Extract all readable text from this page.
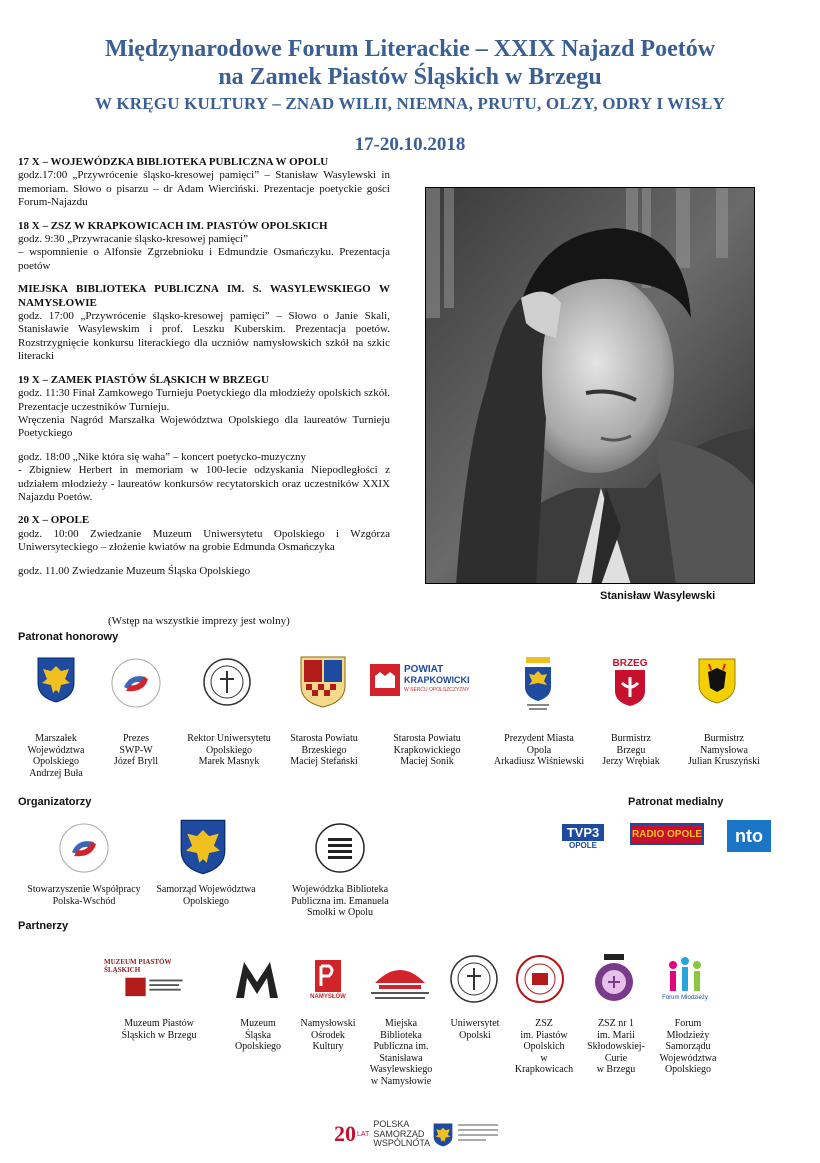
Międzynarodowe Forum Literackie – XXIX Najazd Poetów
na Zamek Piastów Śląskich w Brzegu
W KRĘGU KULTURY – ZNAD WILII, NIEMNA, PRUTU, OLZY, ODRY I WISŁY
17-20.10.2018
17 X – WOJEWÓDZKA BIBLIOTEKA PUBLICZNA W OPOLU
godz.17:00 „Przywrócenie śląsko-kresowej pamięci” – Stanisław Wasylewski in memoriam. Słowo o pisarzu – dr Adam Wierciński. Prezentacje poetyckie gości Forum-Najazdu
18 X – ZSZ W KRAPKOWICACH IM. PIASTÓW OPOLSKICH
godz. 9:30 „Przywracanie śląsko-kresowej pamięci”
– wspomnienie o Alfonsie Zgrzebnioku i Edmundzie Osmańczyku. Prezentacja poetów
MIEJSKA BIBLIOTEKA PUBLICZNA IM. S. WASYLEWSKIEGO W NAMYSŁOWIE
godz. 17:00 „Przywrócenie śląsko-kresowej pamięci” – Słowo o Janie Skali, Stanisławie Wasylewskim i prof. Leszku Kuberskim. Prezentacja poetów. Rozstrzygnięcie konkursu literackiego dla uczniów namysłowskich szkół na szkic literacki
19 X – ZAMEK PIASTÓW ŚLĄSKICH W BRZEGU
godz. 11:30 Finał Zamkowego Turnieju Poetyckiego dla młodzieży opolskich szkół. Prezentacje uczestników Turnieju.
Wręczenia Nagród Marszałka Województwa Opolskiego dla laureatów Turnieju Poetyckiego
godz. 18:00 „Nike która się waha” – koncert poetycko-muzyczny
- Zbigniew Herbert in memoriam w 100-lecie odzyskania Niepodległości z udziałem młodzieży - laureatów konkursów recytatorskich oraz uczestników XXIX Najazdu Poetów.
20 X – OPOLE
godz. 10:00 Zwiedzanie Muzeum Uniwersytetu Opolskiego i Wzgórza Uniwersyteckiego – złożenie kwiatów na grobie Edmunda Osmańczyka
godz. 11.00 Zwiedzanie Muzeum Śląska Opolskiego
Stanisław Wasylewski
(Wstęp na wszystkie imprezy jest wolny)
Patronat honorowy
POWIAT
KRAPKOWICKI
W SERCU OPOLSZCZYZNY
BRZEG
Marszałek
Województwa
Opolskiego
Andrzej Buła
Prezes
SWP-W
Józef Bryll
Rektor Uniwersytetu
Opolskiego
Marek Masnyk
Starosta Powiatu
Brzeskiego
Maciej Stefański
Starosta Powiatu
Krapkowickiego
Maciej Sonik
Prezydent Miasta
Opola
Arkadiusz Wiśniewski
Burmistrz
Brzegu
Jerzy Wrębiak
Burmistrz
Namysłowa
Julian Kruszyński
Organizatorzy	Patronat medialny
TVP3
OPOLE
RADIO OPOLE nto
Stowarzyszenie Współpracy
Polska-Wschód
Samorząd Województwa
Opolskiego
Wojewódzka Biblioteka
Publiczna im. Emanuela
Smołki w Opolu
Partnerzy
MUZEUM PIASTÓW ŚLĄSKICH
NAMYSŁÓW	Forum Młodzieży
Muzeum Piastów
Śląskich w Brzegu
Muzeum
Śląska
Opolskiego
Namysłowski
Ośrodek
Kultury
Miejska
Biblioteka
Publiczna im.
Stanisława
Wasylewskiego
w Namysłowie
Uniwersytet
Opolski
ZSZ
im. Piastów
Opolskich
w
Krapkowicach
ZSZ nr 1
im. Marii
Skłodowskiej-
Curie
w Brzegu
Forum
Młodzieży
Samorządu
Województwa
Opolskiego
20 LAT
POLSKA
SAMORZĄD
WSPÓLNOTA
